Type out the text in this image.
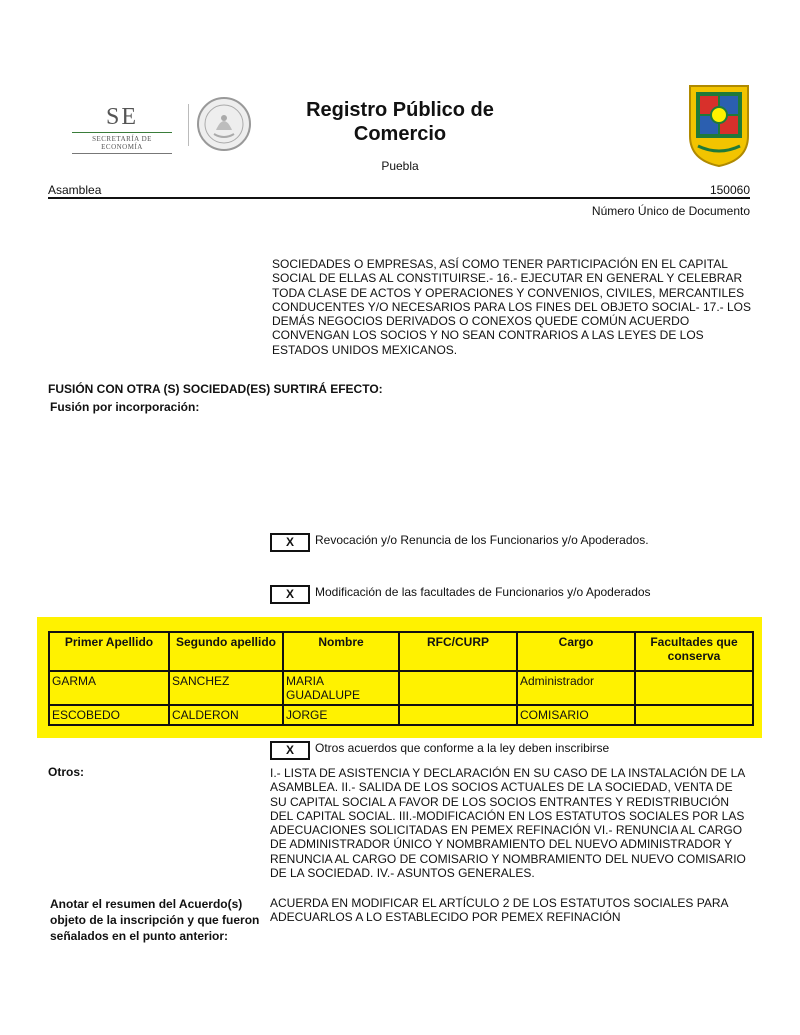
SE
SECRETARÍA DE ECONOMÍA
Registro Público de Comercio
Puebla
Asamblea	150060
Número Único de Documento
SOCIEDADES O EMPRESAS, ASÍ COMO TENER PARTICIPACIÓN EN EL CAPITAL SOCIAL DE ELLAS AL CONSTITUIRSE.- 16.- EJECUTAR EN GENERAL Y CELEBRAR TODA CLASE DE ACTOS Y OPERACIONES Y CONVENIOS, CIVILES, MERCANTILES CONDUCENTES Y/O NECESARIOS PARA LOS FINES DEL OBJETO SOCIAL- 17.- LOS DEMÁS NEGOCIOS DERIVADOS O CONEXOS QUEDE COMÚN ACUERDO CONVENGAN LOS SOCIOS Y NO SEAN CONTRARIOS A LAS LEYES DE LOS ESTADOS UNIDOS MEXICANOS.
FUSIÓN CON OTRA (S) SOCIEDAD(ES) SURTIRÁ EFECTO:
Fusión por incorporación:
X	Revocación y/o Renuncia de los Funcionarios y/o Apoderados.
X	Modificación de las facultades de Funcionarios y/o Apoderados
Primer Apellido	Segundo apellido	Nombre	RFC/CURP	Cargo	Facultades que conserva
GARMA	SANCHEZ	MARIA GUADALUPE		Administrador	
ESCOBEDO	CALDERON	JORGE		COMISARIO	
X	Otros acuerdos que conforme a la ley deben inscribirse
Otros:	I.- LISTA DE ASISTENCIA Y DECLARACIÓN EN SU CASO DE LA INSTALACIÓN DE LA ASAMBLEA. II.- SALIDA DE LOS SOCIOS ACTUALES DE LA SOCIEDAD, VENTA DE SU CAPITAL SOCIAL A FAVOR DE LOS SOCIOS ENTRANTES Y REDISTRIBUCIÓN DEL CAPITAL SOCIAL. III.-MODIFICACIÓN EN LOS ESTATUTOS SOCIALES POR LAS ADECUACIONES SOLICITADAS EN PEMEX REFINACIÓN VI.- RENUNCIA AL CARGO DE ADMINISTRADOR ÚNICO Y NOMBRAMIENTO DEL NUEVO ADMINISTRADOR Y RENUNCIA AL CARGO DE COMISARIO Y NOMBRAMIENTO DEL NUEVO COMISARIO DE LA SOCIEDAD. IV.- ASUNTOS GENERALES.
Anotar el resumen del Acuerdo(s) objeto de la inscripción y que fueron señalados en el punto anterior:
ACUERDA EN MODIFICAR EL ARTÍCULO 2 DE LOS ESTATUTOS SOCIALES PARA ADECUARLOS A LO ESTABLECIDO POR PEMEX REFINACIÓN
